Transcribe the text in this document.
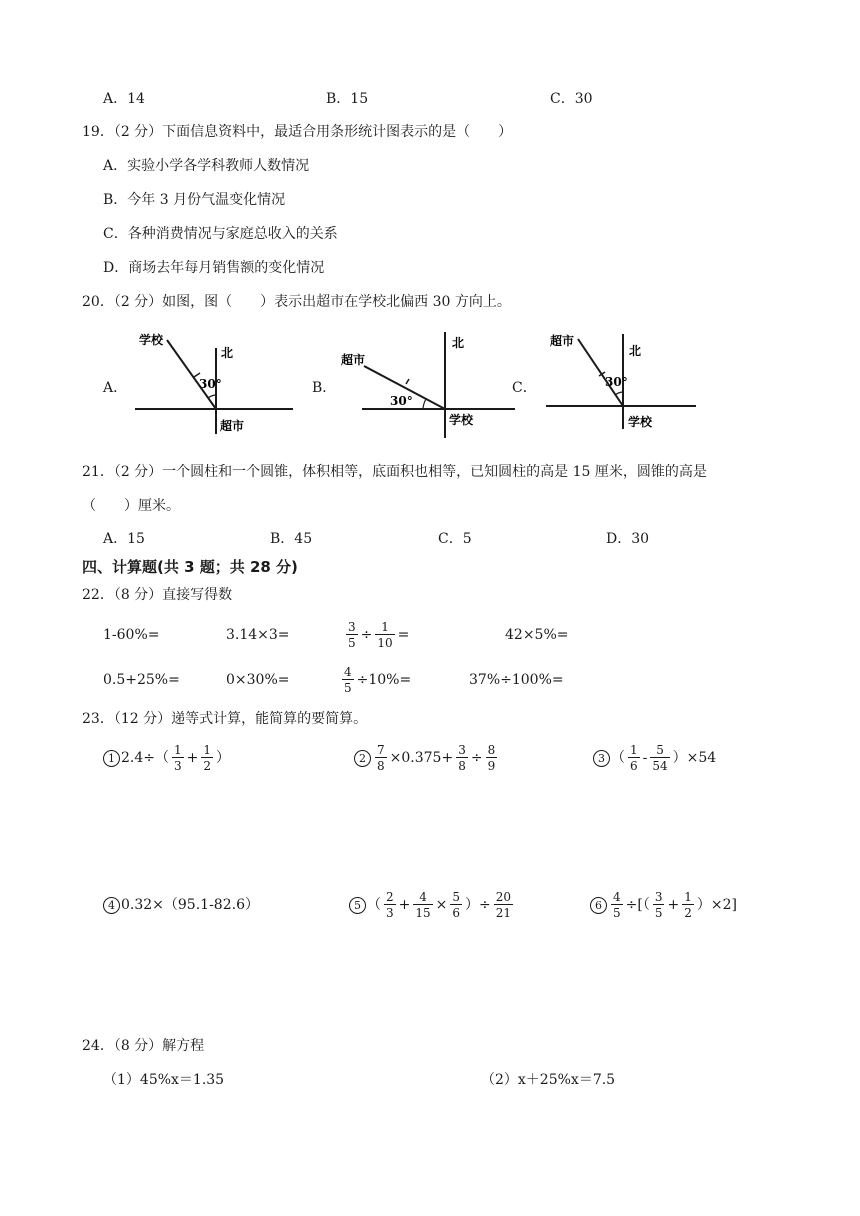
A．14	B．15	C．30
19．（2 分）下面信息资料中，最适合用条形统计图表示的是（　　）
A．实验小学各学科教师人数情况
B．今年 3 月份气温变化情况
C．各种消费情况与家庭总收入的关系
D．商场去年每月销售额的变化情况
20．（2 分）如图，图（　　）表示出超市在学校北偏西 30 方向上。
A．
学校
北
30°
超市
B．
超市
北
30°
学校
C．
超市
北
30°
学校
21．（2 分）一个圆柱和一个圆锥，体积相等，底面积也相等，已知圆柱的高是 15 厘米，圆锥的高是
（　　）厘米。
A．15	B．45	C．5	D．30
四、计算题(共 3 题；共 28 分)
22．（8 分）直接写得数
1-60%=	3.14×3=	$\frac{3}{5} \div \frac{1}{10}$ =	42×5%=
0.5+25%=	0×30%=	$\frac{4}{5} \div 10\%=$	37%÷100%=
23．（12 分）递等式计算，能简算的要简算。
1 $2.4\div( \frac{1}{3} + \frac{1}{2}$ ）	$2 \frac{7}{8} \times 0.375+ \frac{3}{8} \div \frac{8}{9}$	3 （ $\frac{1}{6} - \frac{5}{54} )\times 54$
4 0.32×（95.1-82.6）	5 （ $\frac{2}{3} + \frac{4}{15} \times \frac{5}{6}$ ）÷ $\frac{20}{21}$	$6 \frac{4}{5}$ ÷[（ $\frac{3}{5} + \frac{1}{2} )\times 2$]
24．（8 分）解方程
（1）45%x＝1.35	（2）x＋25%x＝7.5
